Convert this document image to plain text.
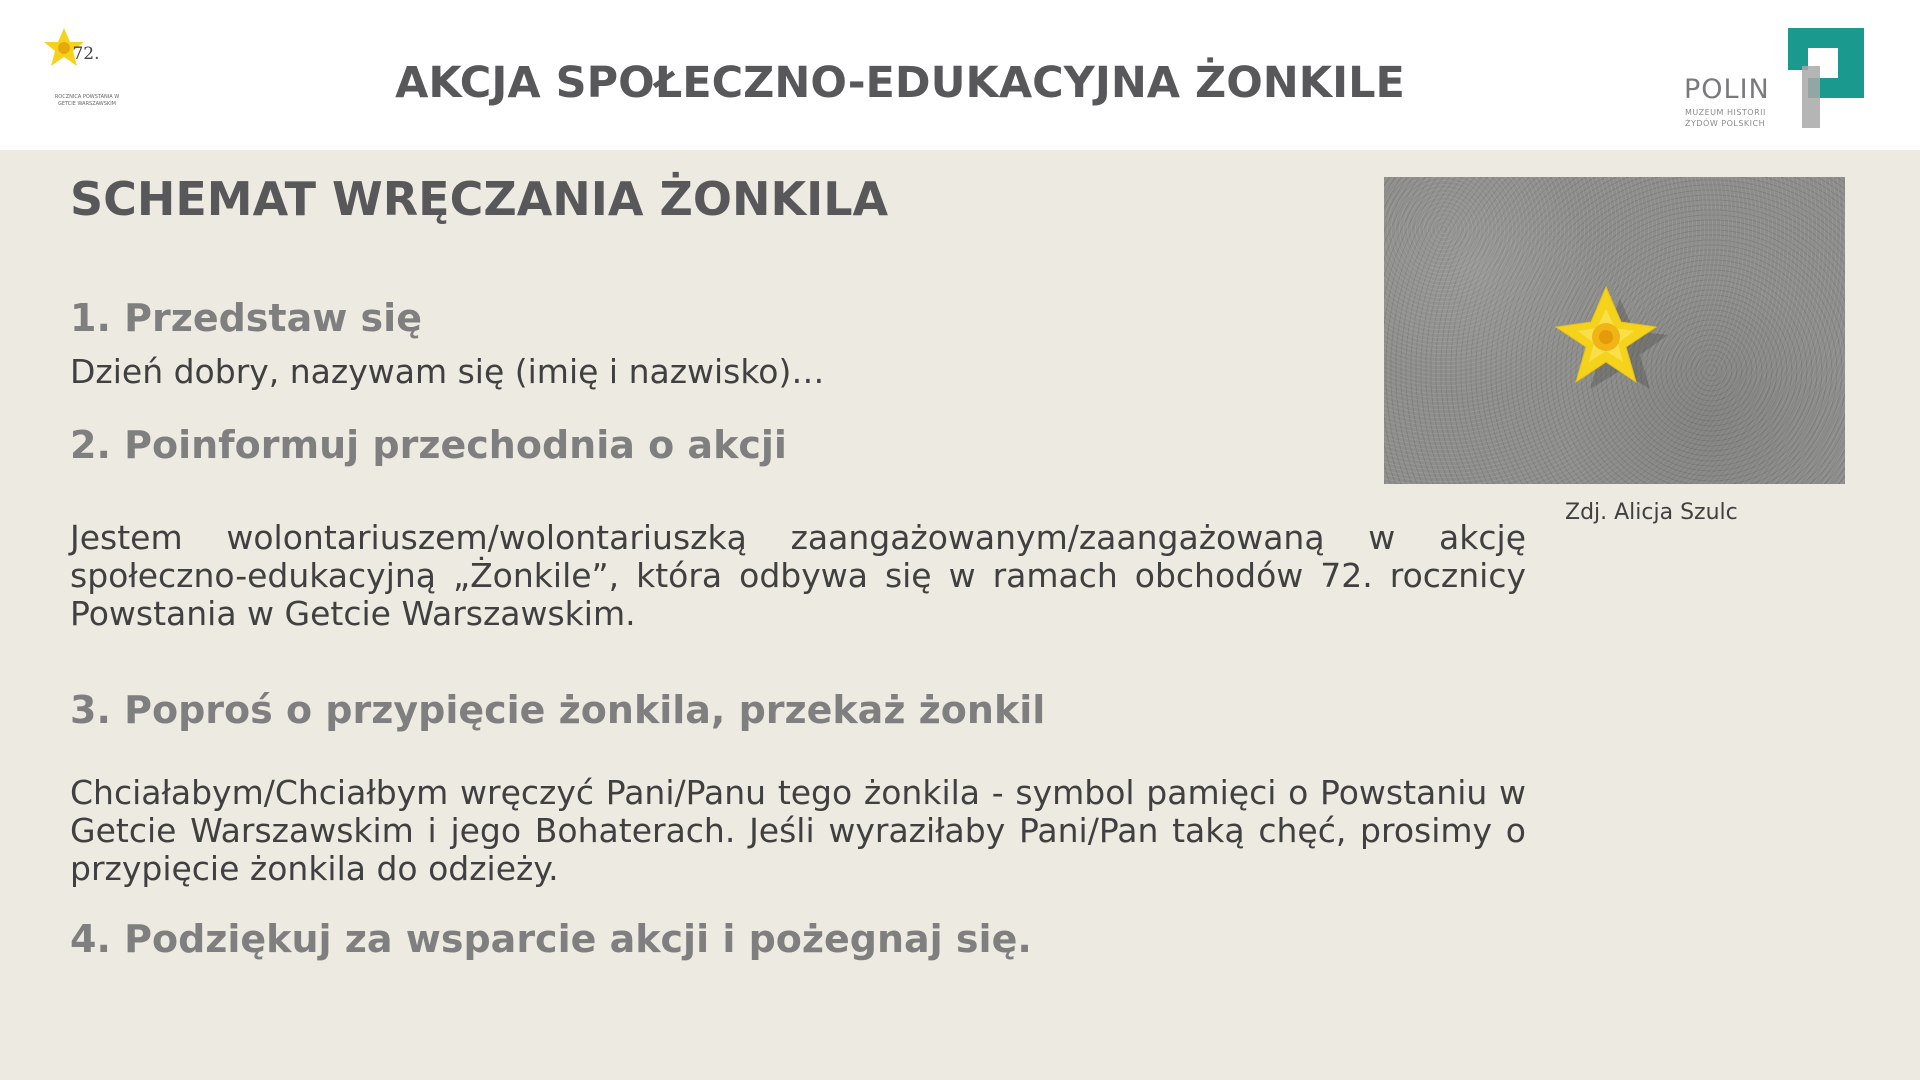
72.
ROCZNICA POWSTANIA W GETCIE WARSZAWSKIM	AKCJA SPOŁECZNO-EDUKACYJNA ŻONKILE	POLIN
MUZEUM HISTORII ŻYDÓW POLSKICH
SCHEMAT WRĘCZANIA ŻONKILA
1. Przedstaw się
Dzień dobry, nazywam się (imię i nazwisko)…
2. Poinformuj przechodnia o akcji
Jestem wolontariuszem/wolontariuszką zaangażowanym/zaangażowaną w akcję społeczno-edukacyjną „Żonkile”, która odbywa się w ramach obchodów 72. rocznicy Powstania w Getcie Warszawskim.
3. Poproś o przypięcie żonkila, przekaż żonkil
Chciałabym/Chciałbym wręczyć Pani/Panu tego żonkila - symbol pamięci o Powstaniu w Getcie Warszawskim i jego Bohaterach. Jeśli wyraziłaby Pani/Pan taką chęć, prosimy o przypięcie żonkila do odzieży.
4. Podziękuj za wsparcie akcji i pożegnaj się.
Zdj. Alicja Szulc
